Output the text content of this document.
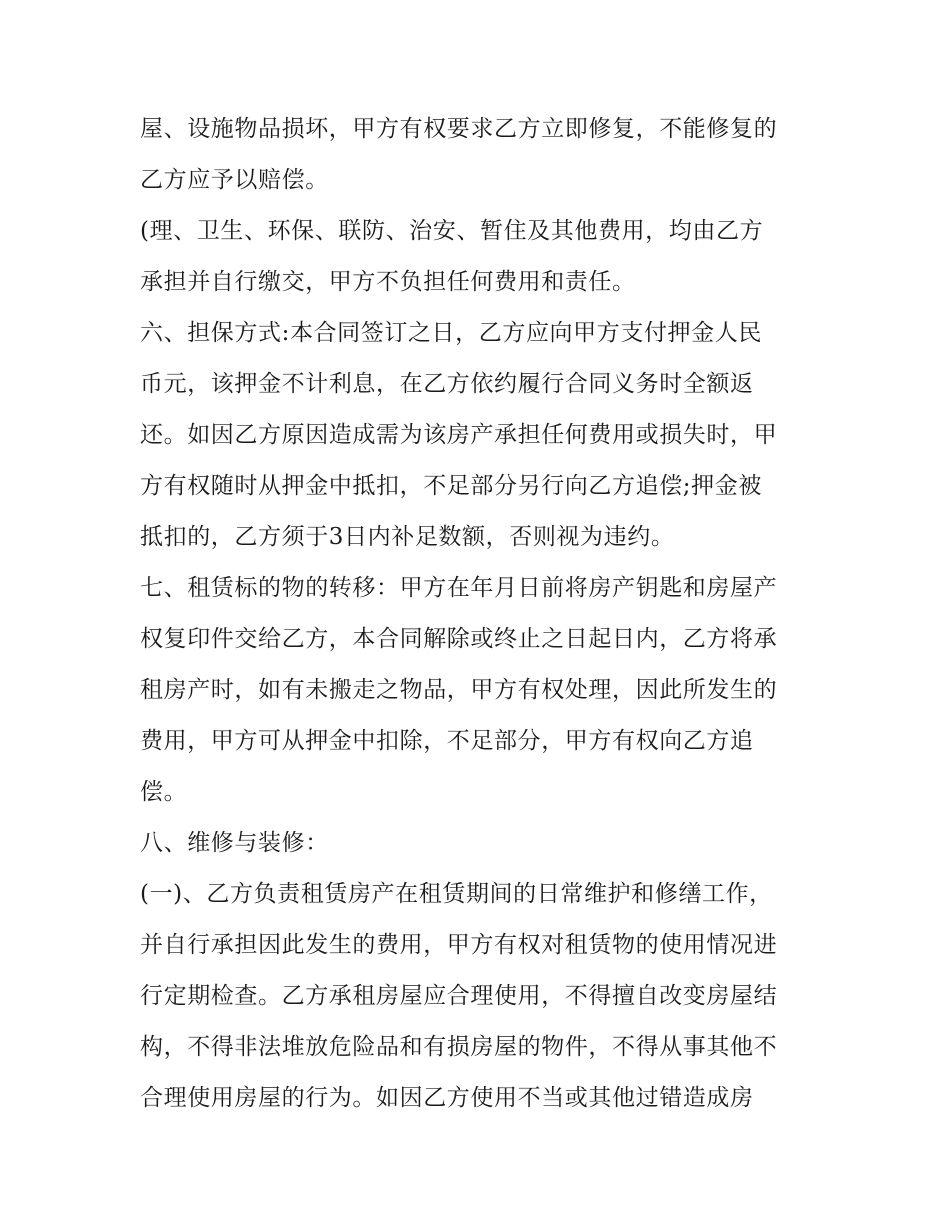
屋、设施物品损坏，甲方有权要求乙方立即修复，不能修复的
乙方应予以赔偿。
(理、卫生、环保、联防、治安、暂住及其他费用，均由乙方
承担并自行缴交，甲方不负担任何费用和责任。
六、担保方式:本合同签订之日，乙方应向甲方支付押金人民
币元，该押金不计利息，在乙方依约履行合同义务时全额返
还。如因乙方原因造成需为该房产承担任何费用或损失时，甲
方有权随时从押金中抵扣，不足部分另行向乙方追偿;押金被
抵扣的，乙方须于3日内补足数额，否则视为违约。
七、租赁标的物的转移：甲方在年月日前将房产钥匙和房屋产
权复印件交给乙方，本合同解除或终止之日起日内，乙方将承
租房产时，如有未搬走之物品，甲方有权处理，因此所发生的
费用，甲方可从押金中扣除，不足部分，甲方有权向乙方追
偿。
八、维修与装修：
(一)、乙方负责租赁房产在租赁期间的日常维护和修缮工作，
并自行承担因此发生的费用，甲方有权对租赁物的使用情况进
行定期检查。乙方承租房屋应合理使用，不得擅自改变房屋结
构，不得非法堆放危险品和有损房屋的物件，不得从事其他不
合理使用房屋的行为。如因乙方使用不当或其他过错造成房
